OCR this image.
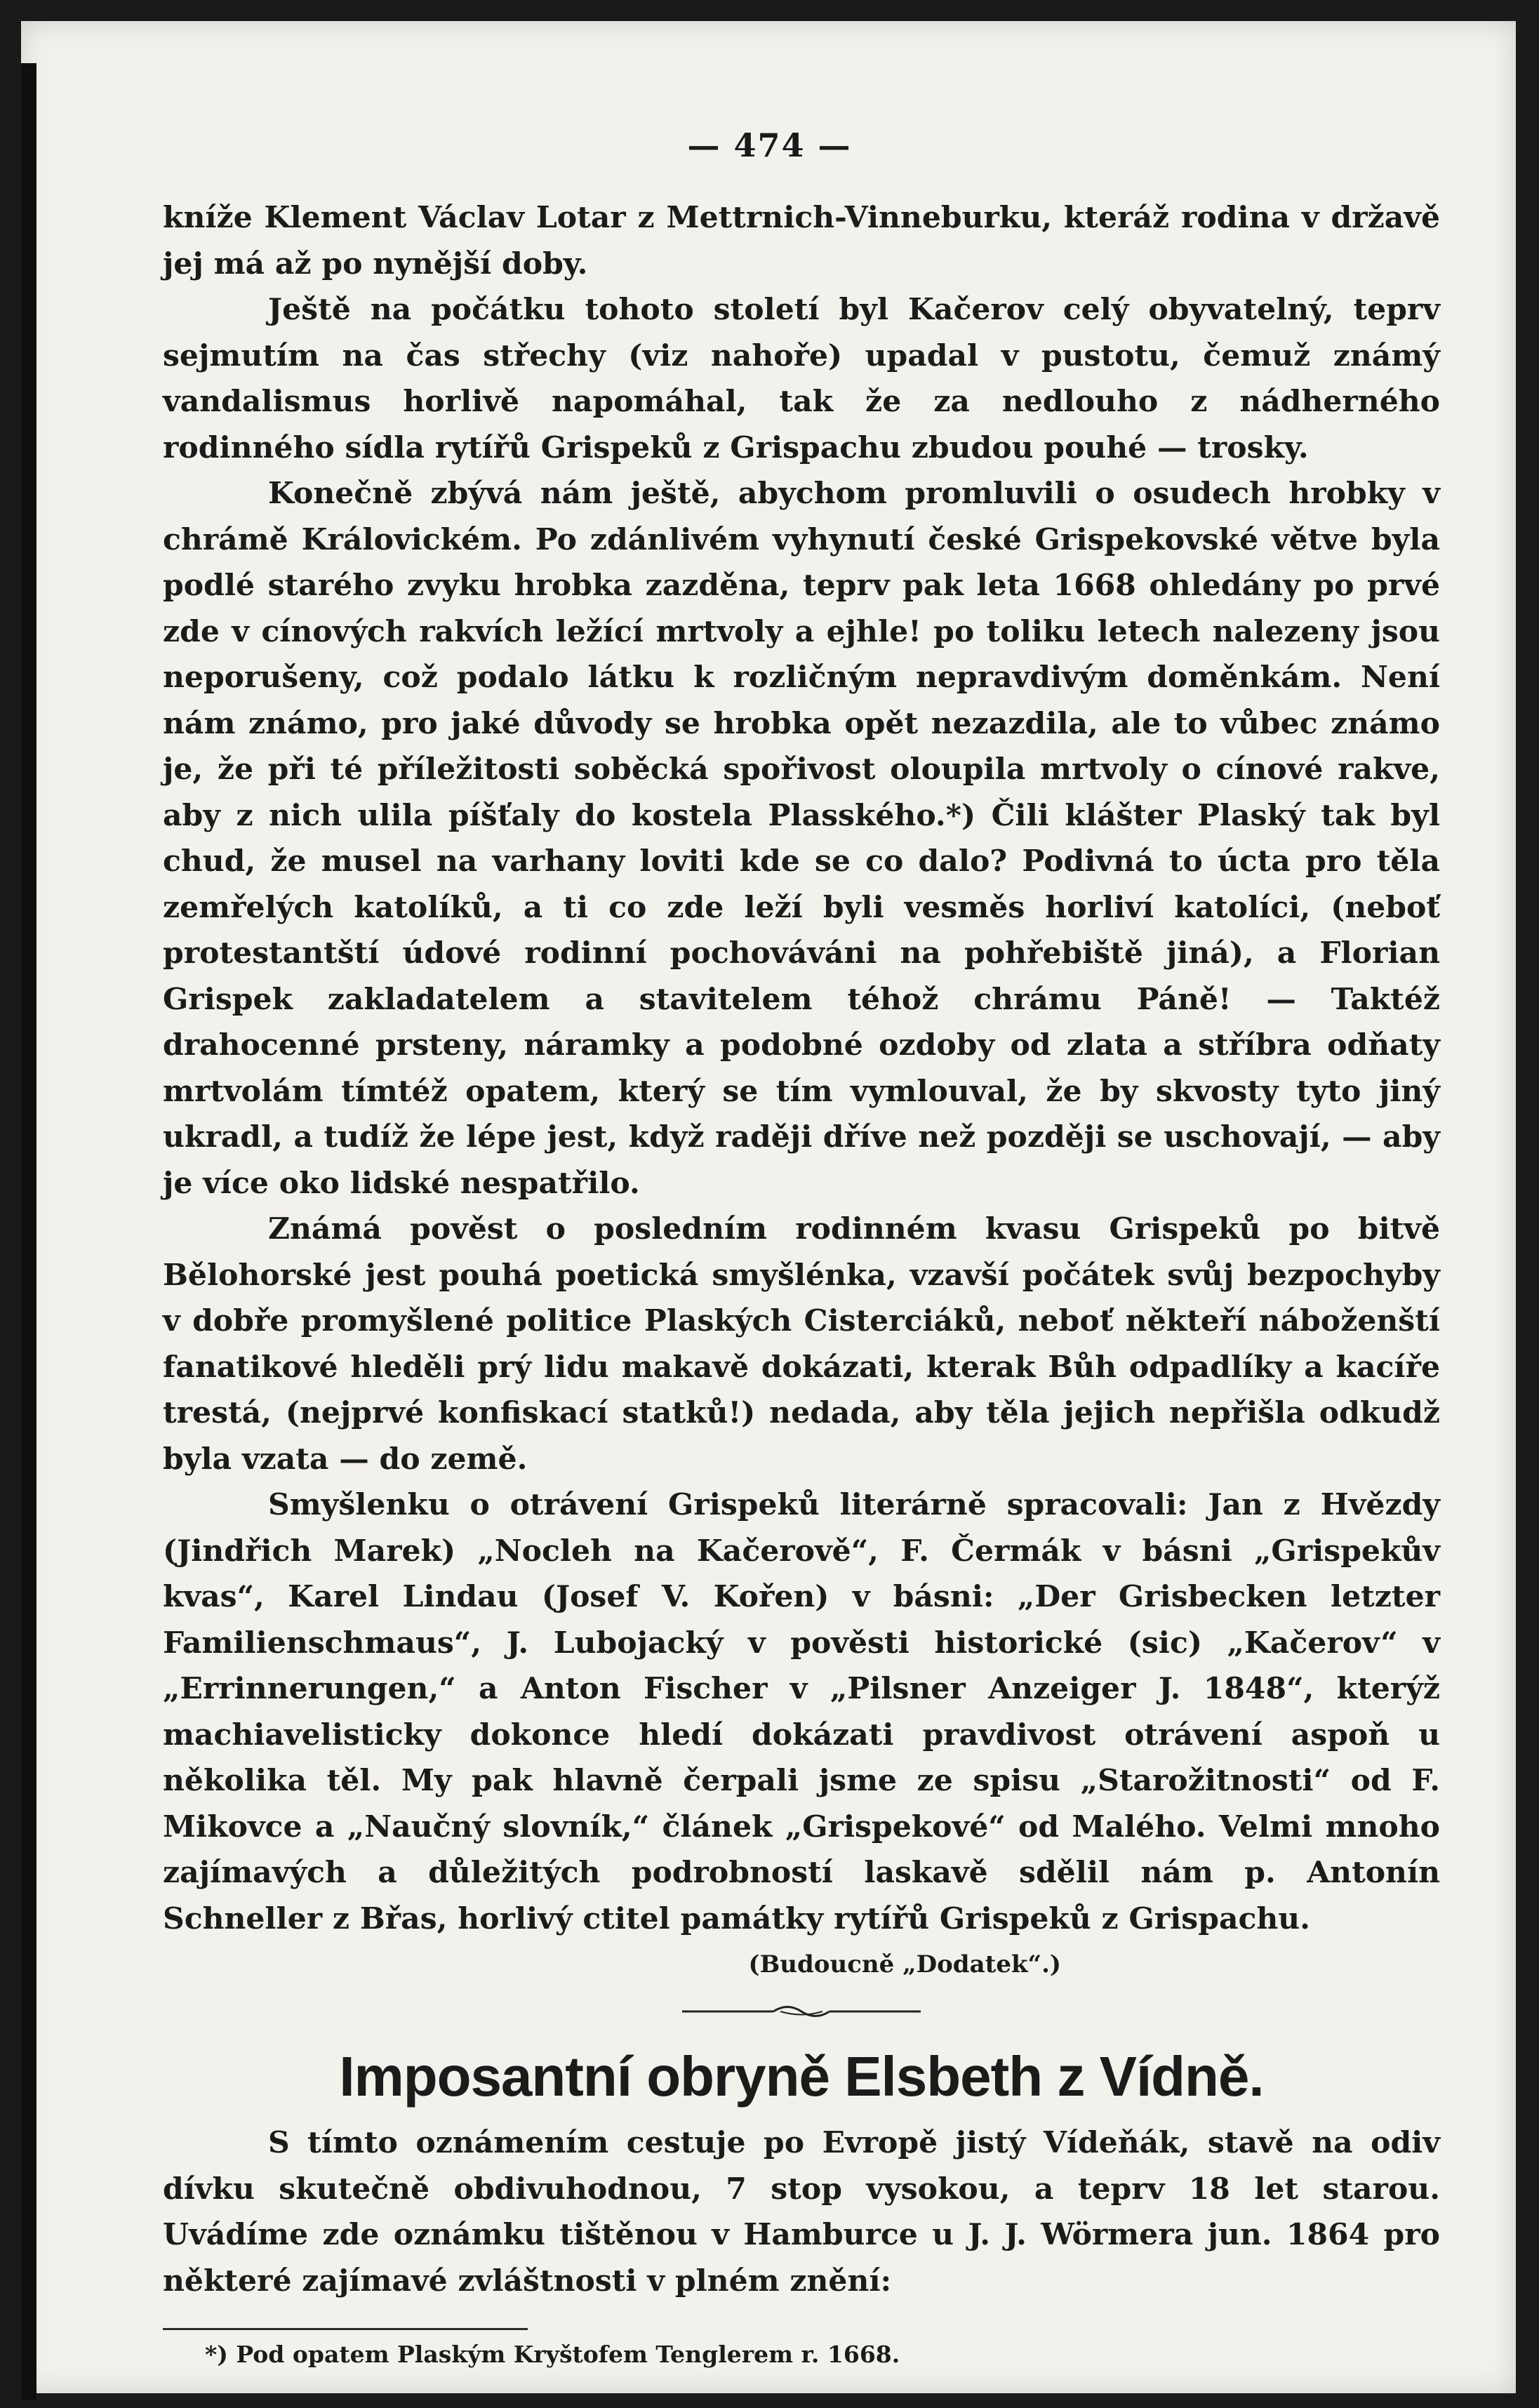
— 474 —

kníže Klement Václav Lotar z Mettrnich-Vinneburku, kteráž rodina v državě jej má až po nynější doby.

Ještě na počátku tohoto století byl Kačerov celý obyvatelný, teprv sejmutím na čas střechy (viz nahoře) upadal v pustotu, čemuž známý vandalismus horlivě napomáhal, tak že za nedlouho z nádherného rodinného sídla rytířů Grispeků z Grispachu zbudou pouhé — trosky.

Konečně zbývá nám ještě, abychom promluvili o osudech hrobky v chrámě Královickém. Po zdánlivém vyhynutí české Grispekovské větve byla podlé starého zvyku hrobka zazděna, teprv pak leta 1668 ohledány po prvé zde v cínových rakvích ležící mrtvoly a ejhle! po toliku letech nalezeny jsou neporušeny, což podalo látku k rozličným nepravdivým doměnkám. Není nám známo, pro jaké důvody se hrobka opět nezazdila, ale to vůbec známo je, že při té příležitosti soběcká spořivost oloupila mrtvoly o cínové rakve, aby z nich ulila píšťaly do kostela Plasského.*) Čili klášter Plaský tak byl chud, že musel na varhany loviti kde se co dalo? Podivná to úcta pro těla zemřelých katolíků, a ti co zde leží byli vesměs horliví katolíci, (neboť protestantští údové rodinní pochováváni na pohřebiště jiná), a Florian Grispek zakladatelem a stavitelem téhož chrámu Páně! — Taktéž drahocenné prsteny, náramky a podobné ozdoby od zlata a stříbra odňaty mrtvolám tímtéž opatem, který se tím vymlouval, že by skvosty tyto jiný ukradl, a tudíž že lépe jest, když raději dříve než později se uschovají, — aby je více oko lidské nespatřilo.

Známá pověst o posledním rodinném kvasu Grispeků po bitvě Bělohorské jest pouhá poetická smyšlénka, vzavší počátek svůj bezpochyby v dobře promyšlené politice Plaských Cisterciáků, neboť někteří náboženští fanatikové hleděli prý lidu makavě dokázati, kterak Bůh odpadlíky a kacíře trestá, (nejprvé konfiskací statků!) nedada, aby těla jejich nepřišla odkudž byla vzata — do země.

Smyšlenku o otrávení Grispeků literárně spracovali: Jan z Hvězdy (Jindřich Marek) „Nocleh na Kačerově“, F. Čermák v básni „Grispekův kvas“, Karel Lindau (Josef V. Kořen) v básni: „Der Grisbecken letzter Familienschmaus“, J. Lubojacký v pověsti historické (sic) „Kačerov“ v „Errinnerungen,“ a Anton Fischer v „Pilsner Anzeiger J. 1848“, kterýž machiavelisticky dokonce hledí dokázati pravdivost otrávení aspoň u několika těl. My pak hlavně čerpali jsme ze spisu „Starožitnosti“ od F. Mikovce a „Naučný slovník,“ článek „Grispekové“ od Malého. Velmi mnoho zajímavých a důležitých podrobností laskavě sdělil nám p. Antonín Schneller z Břas, horlivý ctitel památky rytířů Grispeků z Grispachu.

(Budoucně „Dodatek“.)
Imposantní obryně Elsbeth z Vídně.

S tímto oznámením cestuje po Evropě jistý Vídeňák, stavě na odiv dívku skutečně obdivuhodnou, 7 stop vysokou, a teprv 18 let starou. Uvádíme zde oznámku tištěnou v Hamburce u J. J. Wörmera jun. 1864 pro některé zajímavé zvláštnosti v plném znění:

*) Pod opatem Plaským Kryštofem Tenglerem r. 1668.
